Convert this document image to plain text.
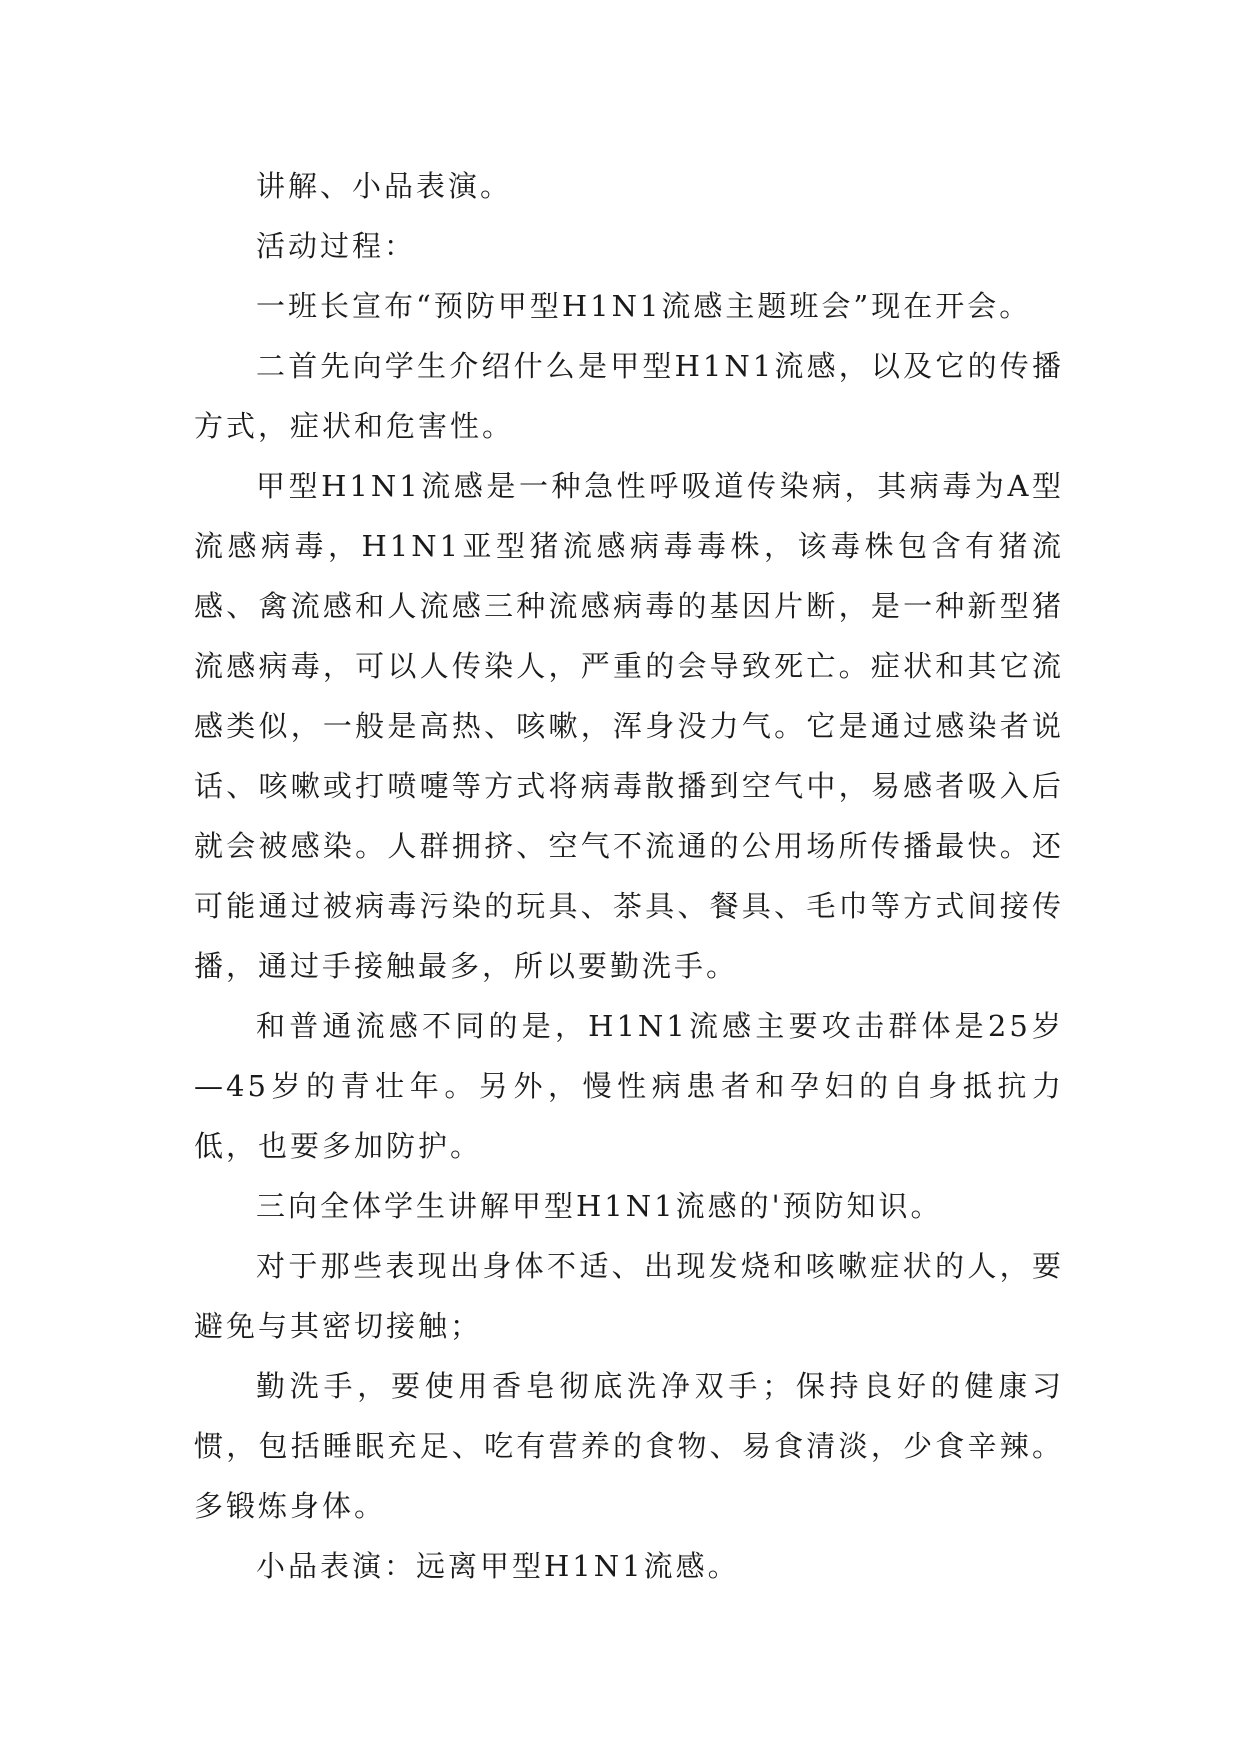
讲解、小品表演。

活动过程：

一班长宣布“预防甲型H1N1流感主题班会”现在开会。

二首先向学生介绍什么是甲型H1N1流感，以及它的传播方式，症状和危害性。

甲型H1N1流感是一种急性呼吸道传染病，其病毒为A型流感病毒，H1N1亚型猪流感病毒毒株，该毒株包含有猪流感、禽流感和人流感三种流感病毒的基因片断，是一种新型猪流感病毒，可以人传染人，严重的会导致死亡。症状和其它流感类似，一般是高热、咳嗽，浑身没力气。它是通过感染者说话、咳嗽或打喷嚏等方式将病毒散播到空气中，易感者吸入后就会被感染。人群拥挤、空气不流通的公用场所传播最快。还可能通过被病毒污染的玩具、茶具、餐具、毛巾等方式间接传播，通过手接触最多，所以要勤洗手。

和普通流感不同的是，H1N1流感主要攻击群体是25岁—45岁的青壮年。另外，慢性病患者和孕妇的自身抵抗力低，也要多加防护。

三向全体学生讲解甲型H1N1流感的'预防知识。

对于那些表现出身体不适、出现发烧和咳嗽症状的人，要避免与其密切接触；

勤洗手，要使用香皂彻底洗净双手；保持良好的健康习惯，包括睡眠充足、吃有营养的食物、易食清淡，少食辛辣。多锻炼身体。

小品表演：远离甲型H1N1流感。
